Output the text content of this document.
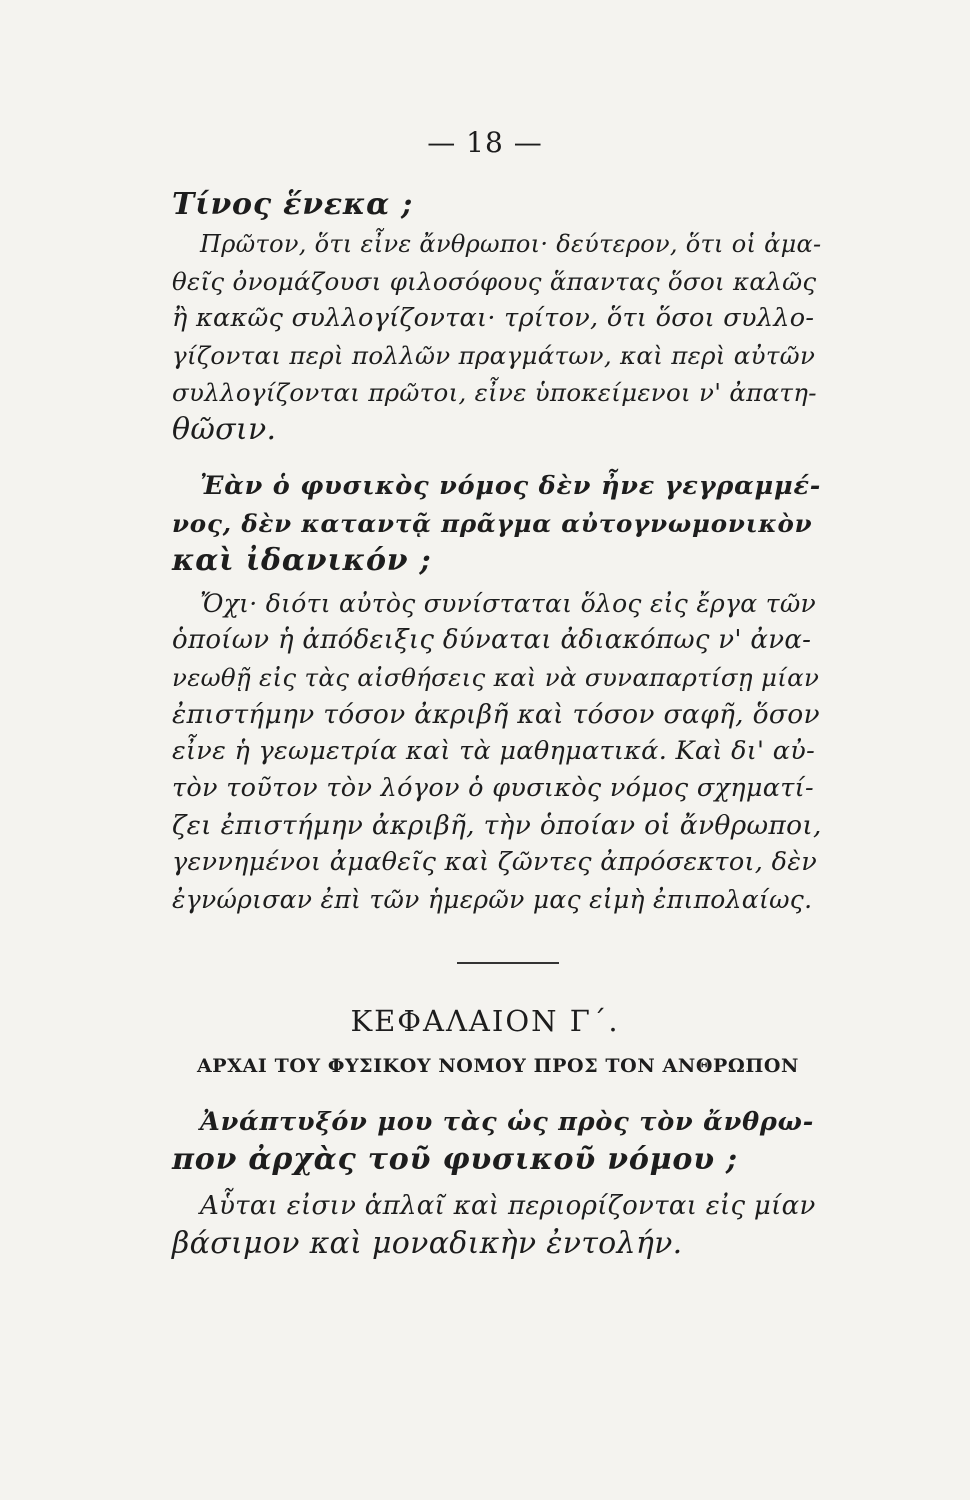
— 18 —
Τίνος ἕνεκα ;
Πρῶτον, ὅτι εἶνε ἄνθρωποι· δεύτερον, ὅτι οἱ ἀμα-
θεῖς ὀνομάζουσι φιλοσόφους ἅπαντας ὅσοι καλῶς
ἢ κακῶς συλλογίζονται· τρίτον, ὅτι ὅσοι συλλο-
γίζονται περὶ πολλῶν πραγμάτων, καὶ περὶ αὐτῶν
συλλογίζονται πρῶτοι, εἶνε ὑποκείμενοι ν' ἀπατη-
θῶσιν.
Ἐὰν ὁ φυσικὸς νόμος δὲν ἦνε γεγραμμέ-
νος, δὲν καταντᾷ πρᾶγμα αὐτογνωμονικὸν
καὶ ἰδανικόν ;
Ὄχι· διότι αὐτὸς συνίσταται ὅλος εἰς ἔργα τῶν
ὁποίων ἡ ἀπόδειξις δύναται ἀδιακόπως ν' ἀνα-
νεωθῇ εἰς τὰς αἰσθήσεις καὶ νὰ συναπαρτίσῃ μίαν
ἐπιστήμην τόσον ἀκριβῆ καὶ τόσον σαφῆ, ὅσον
εἶνε ἡ γεωμετρία καὶ τὰ μαθηματικά. Καὶ δι' αὐ-
τὸν τοῦτον τὸν λόγον ὁ φυσικὸς νόμος σχηματί-
ζει ἐπιστήμην ἀκριβῆ, τὴν ὁποίαν οἱ ἄνθρωποι,
γεννημένοι ἀμαθεῖς καὶ ζῶντες ἀπρόσεκτοι, δὲν
ἐγνώρισαν ἐπὶ τῶν ἡμερῶν μας εἰμὴ ἐπιπολαίως.
ΚΕΦΑΛΑΙΟΝ Γ΄.
ΑΡΧΑΙ ΤΟΥ ΦΥΣΙΚΟΥ ΝΟΜΟΥ ΠΡΟΣ ΤΟΝ ΑΝΘΡΩΠΟΝ
Ἀνάπτυξόν μου τὰς ὡς πρὸς τὸν ἄνθρω-
πον ἀρχὰς τοῦ φυσικοῦ νόμου ;
Αὗται εἰσιν ἁπλαῖ καὶ περιορίζονται εἰς μίαν
βάσιμον καὶ μοναδικὴν ἐντολήν.
